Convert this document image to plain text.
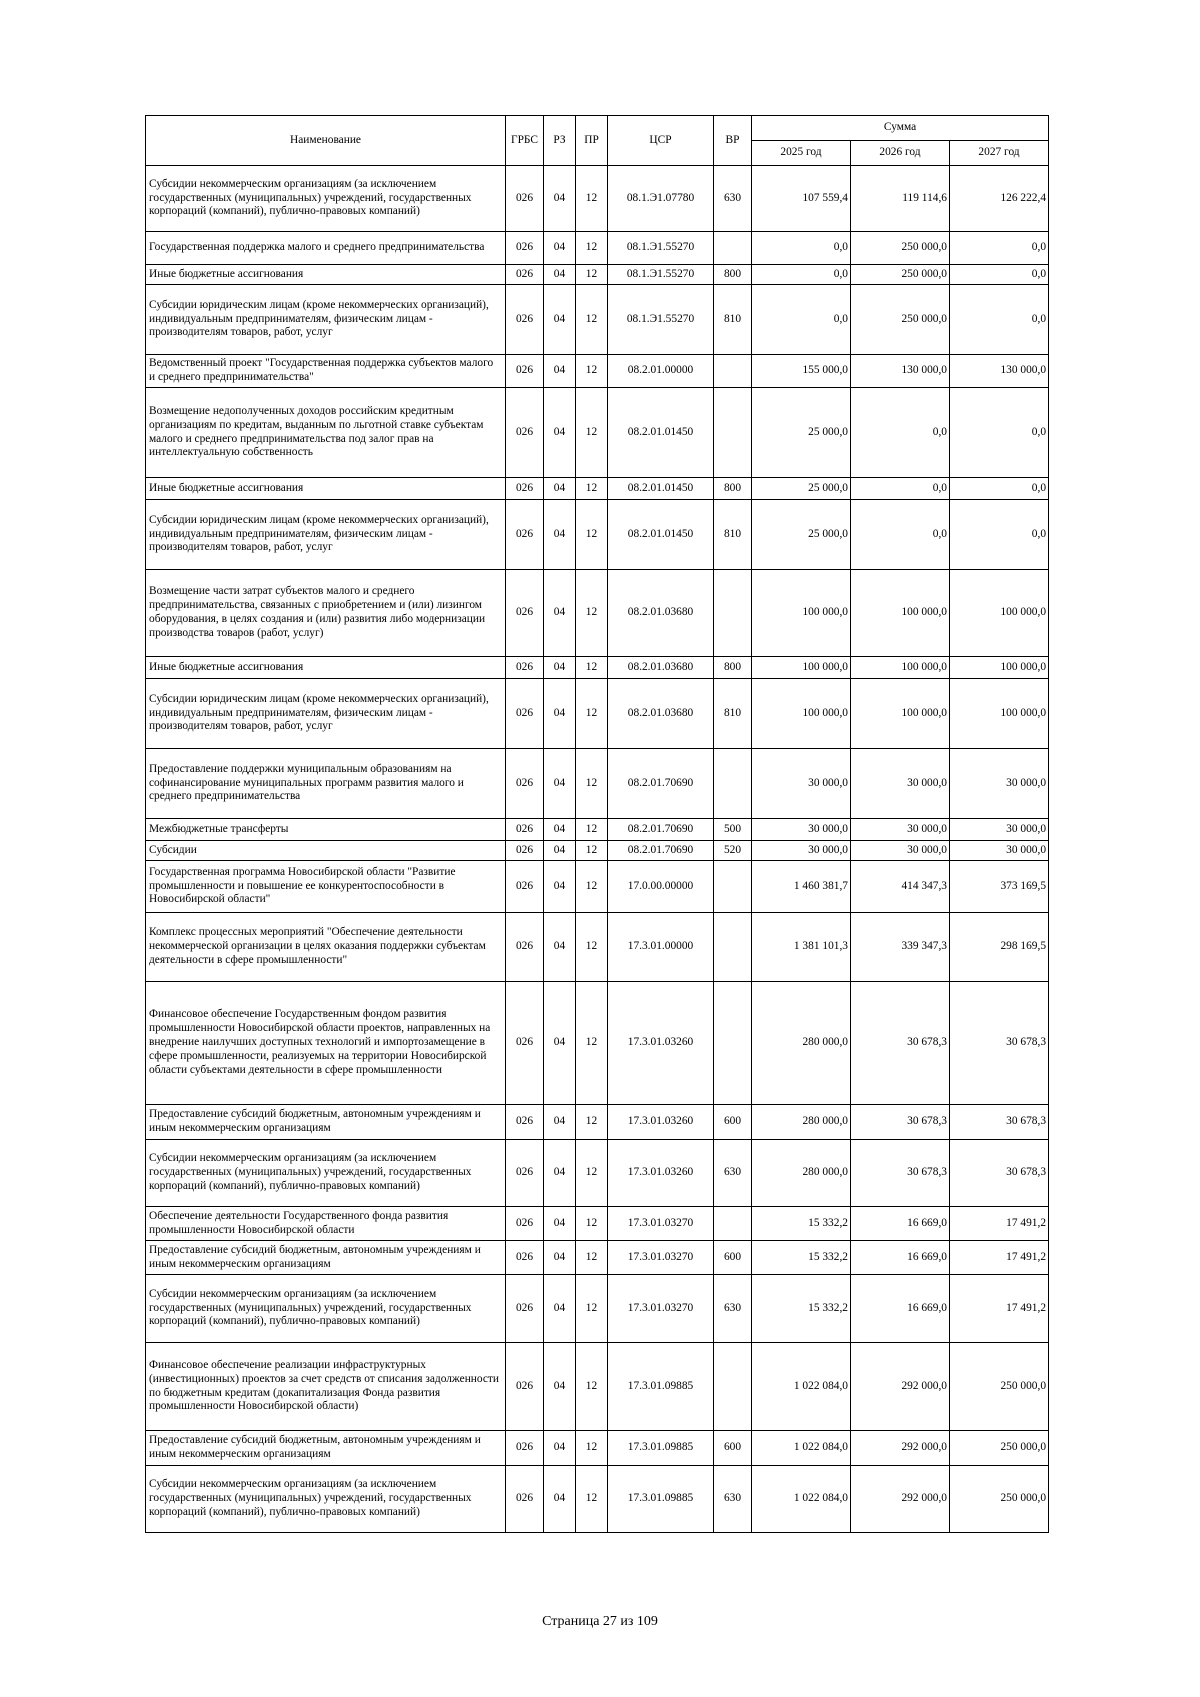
Наименование	ГРБС	РЗ	ПР	ЦСР	ВР	Сумма		
						2025 год	2026 год	2027 год
Субсидии некоммерческим организациям (за исключением государственных (муниципальных) учреждений, государственных корпораций (компаний), публично-правовых компаний)	026	04	12	08.1.Э1.07780	630	107 559,4	119 114,6	126 222,4
Государственная поддержка малого и среднего предпринимательства	026	04	12	08.1.Э1.55270		0,0	250 000,0	0,0
Иные бюджетные ассигнования	026	04	12	08.1.Э1.55270	800	0,0	250 000,0	0,0
Субсидии юридическим лицам (кроме некоммерческих организаций), индивидуальным предпринимателям, физическим лицам - производителям товаров, работ, услуг	026	04	12	08.1.Э1.55270	810	0,0	250 000,0	0,0
Ведомственный проект "Государственная поддержка субъектов малого и среднего предпринимательства"	026	04	12	08.2.01.00000		155 000,0	130 000,0	130 000,0
Возмещение недополученных доходов российским кредитным организациям по кредитам, выданным по льготной ставке субъектам малого и среднего предпринимательства под залог прав на интеллектуальную собственность	026	04	12	08.2.01.01450		25 000,0	0,0	0,0
Иные бюджетные ассигнования	026	04	12	08.2.01.01450	800	25 000,0	0,0	0,0
Субсидии юридическим лицам (кроме некоммерческих организаций), индивидуальным предпринимателям, физическим лицам - производителям товаров, работ, услуг	026	04	12	08.2.01.01450	810	25 000,0	0,0	0,0
Возмещение части затрат субъектов малого и среднего предпринимательства, связанных с приобретением и (или) лизингом оборудования, в целях создания и (или) развития либо модернизации производства товаров (работ, услуг)	026	04	12	08.2.01.03680		100 000,0	100 000,0	100 000,0
Иные бюджетные ассигнования	026	04	12	08.2.01.03680	800	100 000,0	100 000,0	100 000,0
Субсидии юридическим лицам (кроме некоммерческих организаций), индивидуальным предпринимателям, физическим лицам - производителям товаров, работ, услуг	026	04	12	08.2.01.03680	810	100 000,0	100 000,0	100 000,0
Предоставление поддержки муниципальным образованиям на софинансирование муниципальных программ развития малого и среднего предпринимательства	026	04	12	08.2.01.70690		30 000,0	30 000,0	30 000,0
Межбюджетные трансферты	026	04	12	08.2.01.70690	500	30 000,0	30 000,0	30 000,0
Субсидии	026	04	12	08.2.01.70690	520	30 000,0	30 000,0	30 000,0
Государственная программа Новосибирской области "Развитие промышленности и повышение ее конкурентоспособности в Новосибирской области"	026	04	12	17.0.00.00000		1 460 381,7	414 347,3	373 169,5
Комплекс процессных мероприятий "Обеспечение деятельности некоммерческой организации в целях оказания поддержки субъектам деятельности в сфере промышленности"	026	04	12	17.3.01.00000		1 381 101,3	339 347,3	298 169,5
Финансовое обеспечение Государственным фондом развития промышленности Новосибирской области проектов, направленных на внедрение наилучших доступных технологий и импортозамещение в сфере промышленности, реализуемых на территории Новосибирской области субъектами деятельности в сфере промышленности	026	04	12	17.3.01.03260		280 000,0	30 678,3	30 678,3
Предоставление субсидий бюджетным, автономным учреждениям и иным некоммерческим организациям	026	04	12	17.3.01.03260	600	280 000,0	30 678,3	30 678,3
Субсидии некоммерческим организациям (за исключением государственных (муниципальных) учреждений, государственных корпораций (компаний), публично-правовых компаний)	026	04	12	17.3.01.03260	630	280 000,0	30 678,3	30 678,3
Обеспечение деятельности Государственного фонда развития промышленности Новосибирской области	026	04	12	17.3.01.03270		15 332,2	16 669,0	17 491,2
Предоставление субсидий бюджетным, автономным учреждениям и иным некоммерческим организациям	026	04	12	17.3.01.03270	600	15 332,2	16 669,0	17 491,2
Субсидии некоммерческим организациям (за исключением государственных (муниципальных) учреждений, государственных корпораций (компаний), публично-правовых компаний)	026	04	12	17.3.01.03270	630	15 332,2	16 669,0	17 491,2
Финансовое обеспечение реализации инфраструктурных (инвестиционных) проектов за счет средств от списания задолженности по бюджетным кредитам (докапитализация Фонда развития промышленности Новосибирской области)	026	04	12	17.3.01.09885		1 022 084,0	292 000,0	250 000,0
Предоставление субсидий бюджетным, автономным учреждениям и иным некоммерческим организациям	026	04	12	17.3.01.09885	600	1 022 084,0	292 000,0	250 000,0
Субсидии некоммерческим организациям (за исключением государственных (муниципальных) учреждений, государственных корпораций (компаний), публично-правовых компаний)	026	04	12	17.3.01.09885	630	1 022 084,0	292 000,0	250 000,0
Страница 27 из 109
